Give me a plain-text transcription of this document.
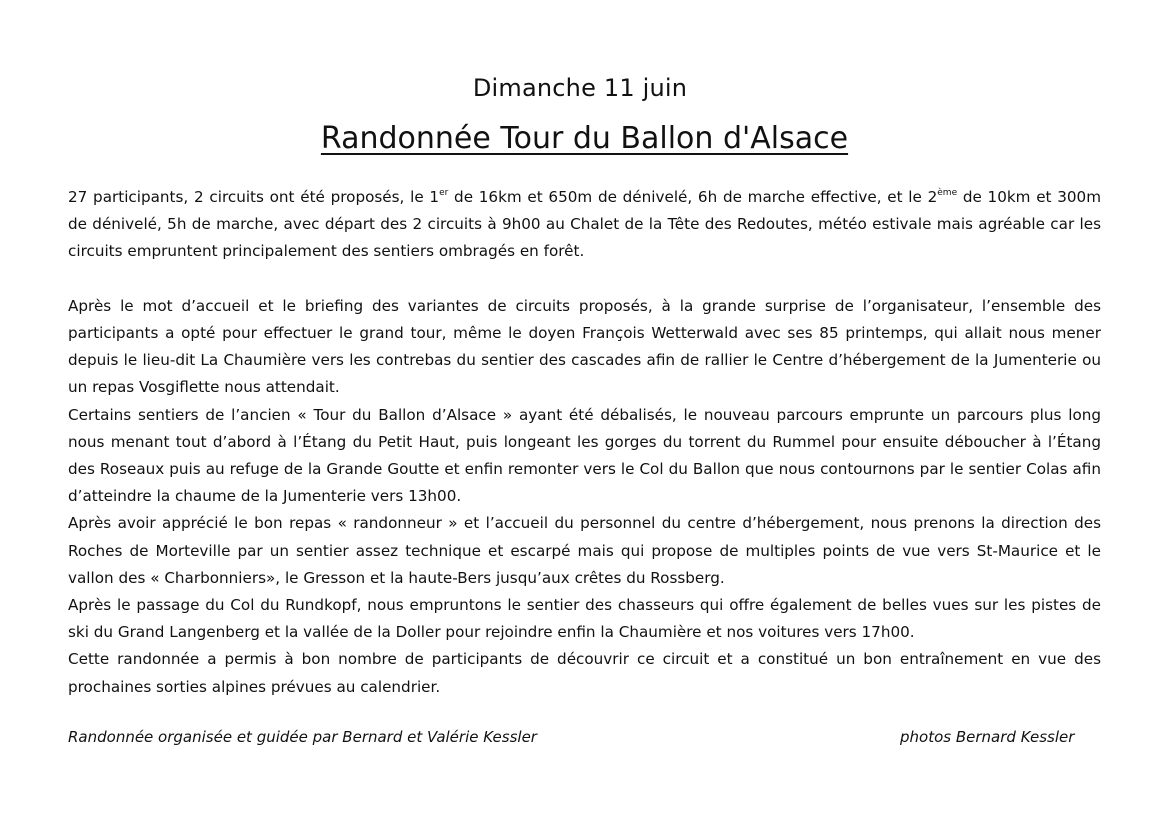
Dimanche 11 juin
Randonnée Tour du Ballon d'Alsace

27 participants, 2 circuits ont été proposés, le 1er de 16km et 650m de dénivelé, 6h de marche effective, et le 2ème de 10km et 300m de dénivelé, 5h de marche, avec départ des 2 circuits à 9h00 au Chalet de la Tête des Redoutes, météo estivale mais agréable car les circuits empruntent principalement des sentiers ombragés en forêt.

Après le mot d’accueil et le briefing des variantes de circuits proposés, à la grande surprise de l’organisateur, l’ensemble des participants a opté pour effectuer le grand tour, même le doyen François Wetterwald avec ses 85 printemps, qui allait nous mener depuis le lieu-dit La Chaumière vers les contrebas du sentier des cascades afin de rallier le Centre d’hébergement de la Jumenterie ou un repas Vosgiflette nous attendait.

Certains sentiers de l’ancien « Tour du Ballon d’Alsace » ayant été débalisés, le nouveau parcours emprunte un parcours plus long nous menant tout d’abord à l’Étang du Petit Haut, puis longeant les gorges du torrent du Rummel pour ensuite déboucher à l’Étang des Roseaux puis au refuge de la Grande Goutte et enfin remonter vers le Col du Ballon que nous contournons par le sentier Colas afin d’atteindre la chaume de la Jumenterie vers 13h00.

Après avoir apprécié le bon repas « randonneur » et l’accueil du personnel du centre d’hébergement, nous prenons la direction des Roches de Morteville par un sentier assez technique et escarpé mais qui propose de multiples points de vue vers St-Maurice et le vallon des « Charbonniers», le Gresson et la haute-Bers jusqu’aux crêtes du Rossberg.

Après le passage du Col du Rundkopf, nous empruntons le sentier des chasseurs qui offre également de belles vues sur les pistes de ski du Grand Langenberg et la vallée de la Doller pour rejoindre enfin la Chaumière et nos voitures vers 17h00.

Cette randonnée a permis à bon nombre de participants de découvrir ce circuit et a constitué un bon entraînement en vue des prochaines sorties alpines prévues au calendrier.

Randonnée organisée et guidée par Bernard et Valérie Kessler	photos Bernard Kessler
